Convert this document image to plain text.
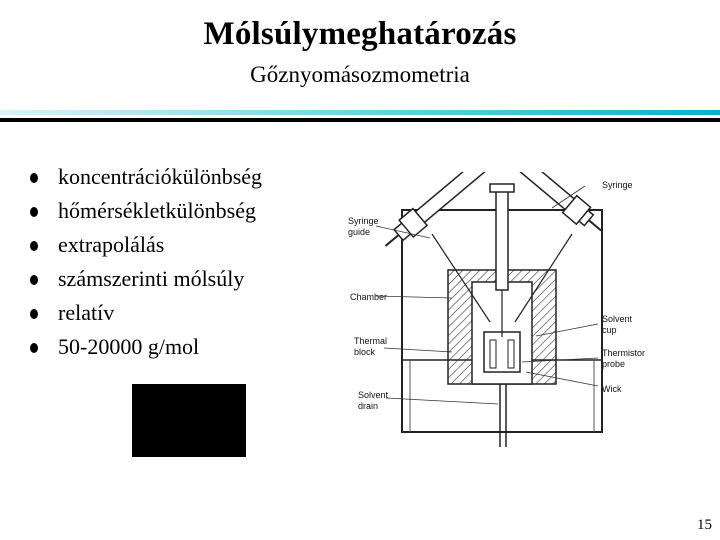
Mólsúlymeghatározás
Gőznyomásozmometria
koncentrációkülönbség
hőmérsékletkülönbség
extrapolálás
számszerinti mólsúly
relatív
50-20000 g/mol
Syringe
Syringe
guide
Chamber
Solvent
cup
Thermal
block	Thermistor
probe
Wick
Solvent
drain
15
